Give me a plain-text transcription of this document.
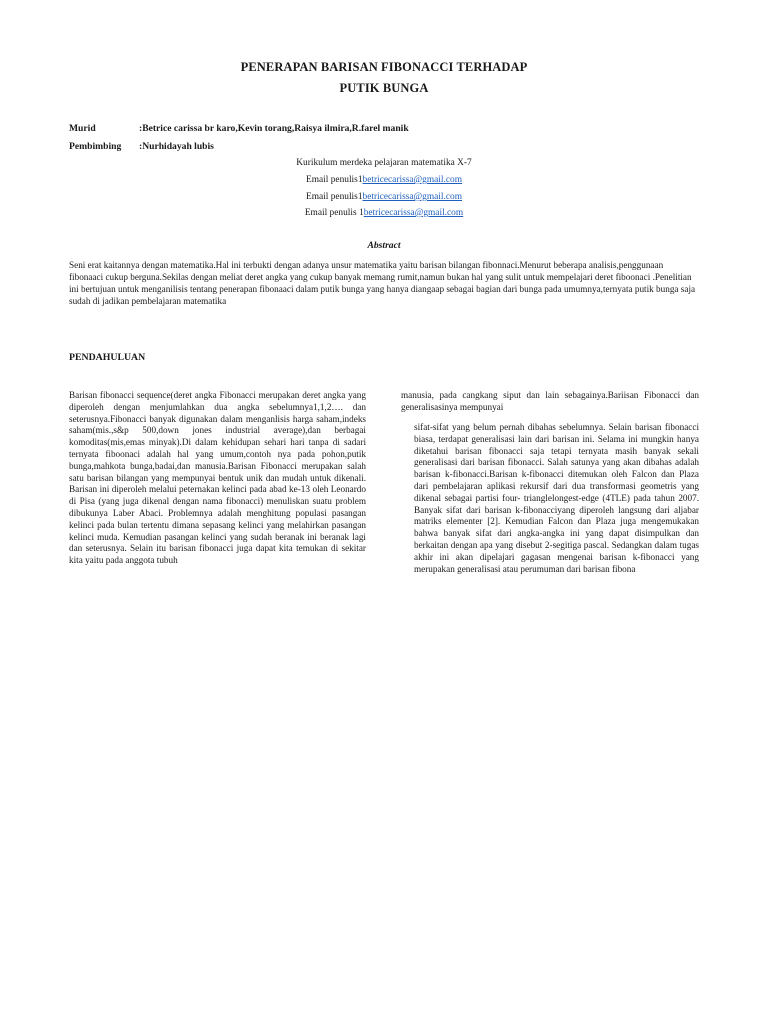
PENERAPAN BARISAN FIBONACCI TERHADAP
PUTIK BUNGA
Murid	:Betrice carissa br karo,Kevin torang,Raisya ilmira,R.farel manik
Pembimbing :Nurhidayah lubis
Kurikulum merdeka pelajaran matematika X-7
Email penulis1betricecarissa@gmail.com
Email penulis1betricecarissa@gmail.com
Email penulis 1betricecarissa@gmail.com
Abstract
Seni erat kaitannya dengan matematika.Hal ini terbukti dengan adanya unsur matematika yaitu barisan bilangan fibonnaci.Menurut beberapa analisis,penggunaan fibonaaci cukup berguna.Sekilas dengan meliat deret angka yang cukup banyak memang rumit,namun bukan hal yang sulit untuk mempelajari deret fiboonaci .Penelitian ini bertujuan untuk menganilisis tentang penerapan fibonaaci dalam putik bunga yang hanya diangaap sebagai bagian dari bunga pada umumnya,ternyata putik bunga saja sudah di jadikan pembelajaran matematika
PENDAHULUAN
Barisan fibonacci sequence(deret angka Fibonacci merupakan deret angka yang diperoleh dengan menjumlahkan dua angka sebelumnya1,1,2…. dan seterusnya.Fibonacci banyak digunakan dalam menganlisis harga saham,indeks saham(mis.,s&p 500,down jones industrial average),dan berbagai komoditas(mis,emas minyak).Di dalam kehidupan sehari hari tanpa di sadari ternyata fiboonaci adalah hal yang umum,contoh nya pada pohon,putik bunga,mahkota bunga,badai,dan manusia.Barisan Fibonacci merupakan salah satu barisan bilangan yang mempunyai bentuk unik dan mudah untuk dikenali. Barisan ini diperoleh melalui peternakan kelinci pada abad ke-13 oleh Leonardo di Pisa (yang juga dikenal dengan nama fibonacci) menuliskan suatu problem dibukunya Laber Abaci. Problemnya adalah menghitung populasi pasangan kelinci pada bulan tertentu dimana sepasang kelinci yang melahirkan pasangan kelinci muda. Kemudian pasangan kelinci yang sudah beranak ini beranak lagi dan seterusnya. Selain itu barisan fibonacci juga dapat kita temukan di sekitar kita yaitu pada anggota tubuh
manusia, pada cangkang siput dan lain sebagainya.Bariisan Fibonacci dan generalisasinya mempunyai
sifat-sifat yang belum pernah dibahas sebelumnya. Selain barisan fibonacci biasa, terdapat generalisasi lain dari barisan ini. Selama ini mungkin hanya diketahui barisan fibonacci saja tetapi ternyata masih banyak sekali generalisasi dari barisan fibonacci. Salah satunya yang akan dibahas adalah barisan k-fibonacci.Barisan k-fibonacci ditemukan oleh Falcon dan Plaza dari pembelajaran aplikasi rekursif dari dua transformasi geometris yang dikenal sebagai partisi four- trianglelongest-edge (4TLE) pada tahun 2007. Banyak sifat dari barisan k-fibonacciyang diperoleh langsung dari aljabar matriks elementer [2]. Kemudian Falcon dan Plaza juga mengemukakan bahwa banyak sifat dari angka-angka ini yang dapat disimpulkan dan berkaitan dengan apa yang disebut 2-segitiga pascal. Sedangkan dalam tugas akhir ini akan dipelajari gagasan mengenai barisan k-fibonacci yang merupakan generalisasi atau perumuman dari barisan fibona
